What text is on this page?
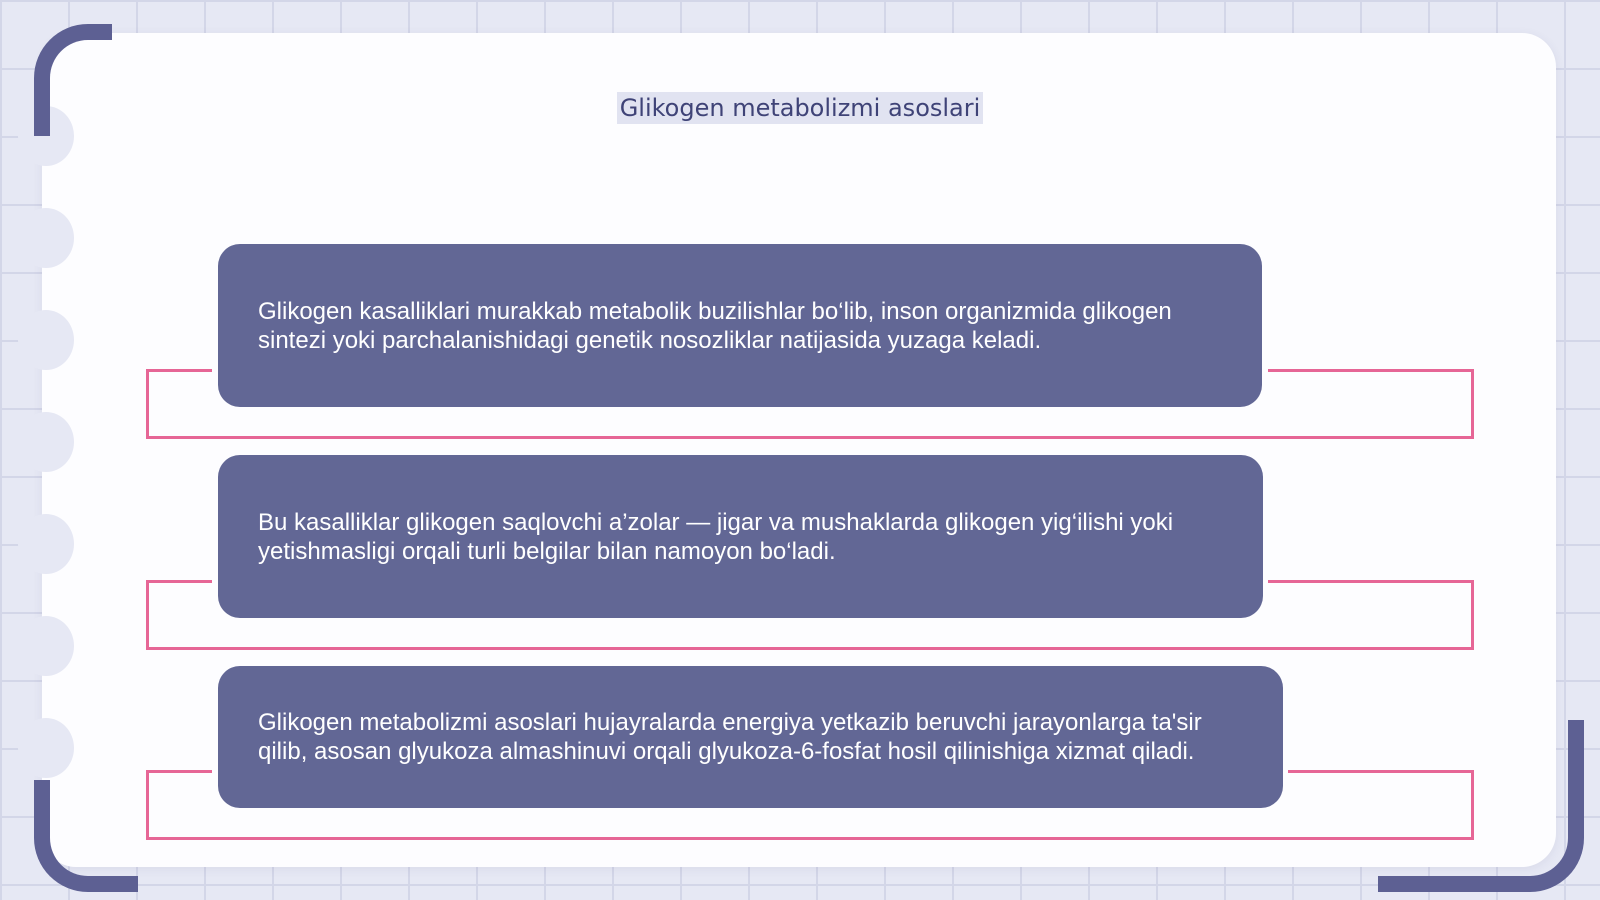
Glikogen metabolizmi asoslari

Glikogen kasalliklari murakkab metabolik buzilishlar bo‘lib, inson organizmida glikogen sintezi yoki parchalanishidagi genetik nosozliklar natijasida yuzaga keladi.

Bu kasalliklar glikogen saqlovchi a’zolar — jigar va mushaklarda glikogen yig‘ilishi yoki yetishmasligi orqali turli belgilar bilan namoyon bo‘ladi.

Glikogen metabolizmi asoslari hujayralarda energiya yetkazib beruvchi jarayonlarga ta'sir qilib, asosan glyukoza almashinuvi orqali glyukoza-6-fosfat hosil qilinishiga xizmat qiladi.
